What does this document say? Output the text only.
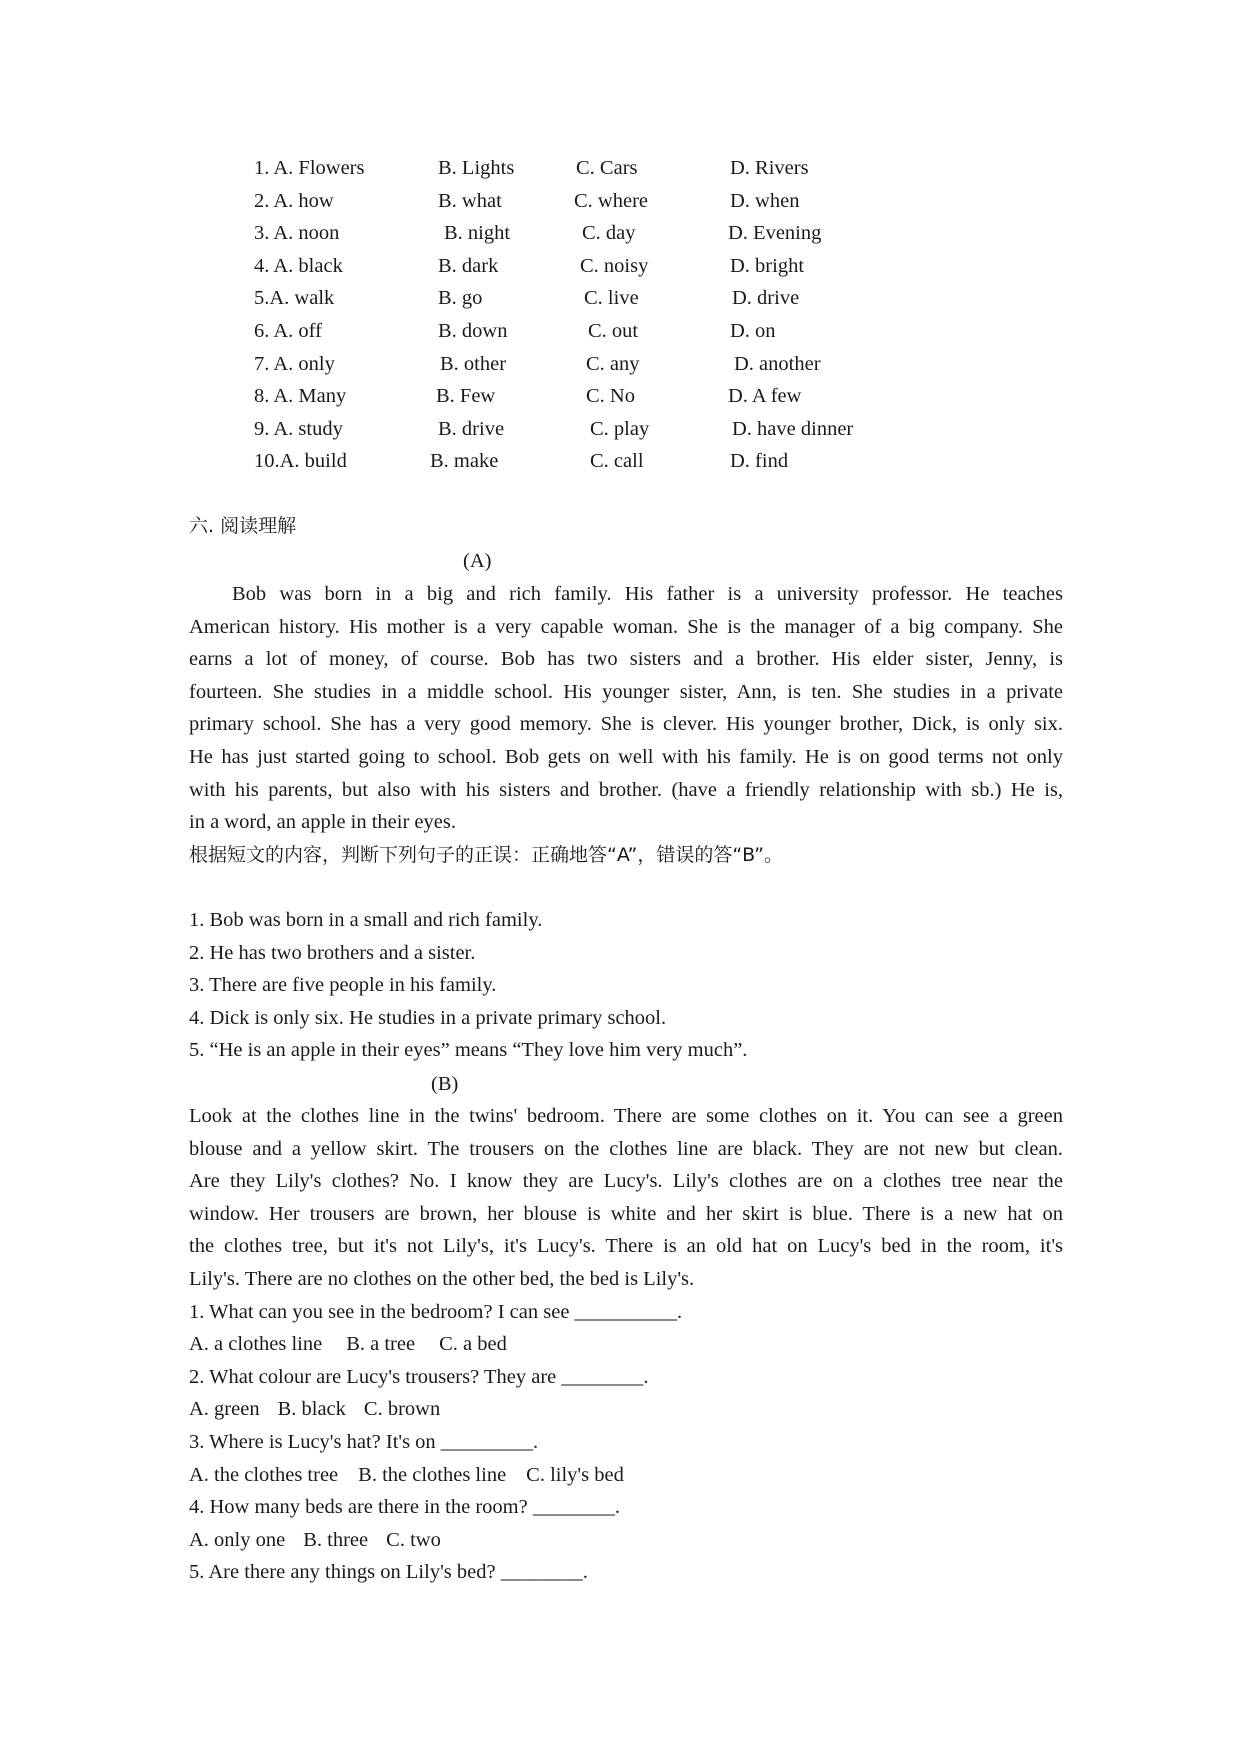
1. A. Flowers	B. Lights	C. Cars	D. Rivers
2. A. how	B. what	C. where	D. when
3. A. noon	B. night	C. day	D. Evening
4. A. black	B. dark	C. noisy	D. bright
5.A. walk	B. go	C. live	D. drive
6. A. off	B. down	C. out	D. on
7. A. only	B. other	C. any	D. another
8. A. Many	B. Few	C. No	D. A few
9. A. study	B. drive	C. play	D. have dinner
10.A. build	B. make	C. call	D. find
六. 阅读理解
(A)
Bob was born in a big and rich family. His father is a university professor. He teaches
American history. His mother is a very capable woman. She is the manager of a big company. She
earns a lot of money, of course. Bob has two sisters and a brother. His elder sister, Jenny, is
fourteen. She studies in a middle school. His younger sister, Ann, is ten. She studies in a private
primary school. She has a very good memory. She is clever. His younger brother, Dick, is only six.
He has just started going to school. Bob gets on well with his family. He is on good terms not only
with his parents, but also with his sisters and brother. (have a friendly relationship with sb.) He is,
in a word, an apple in their eyes.
根据短文的内容，判断下列句子的正误：正确地答“A”，错误的答“B”。
1. Bob was born in a small and rich family.
2. He has two brothers and a sister.
3. There are five people in his family.
4. Dick is only six. He studies in a private primary school.
5. “He is an apple in their eyes” means “They love him very much”.
(B)
Look at the clothes line in the twins' bedroom. There are some clothes on it. You can see a green
blouse and a yellow skirt. The trousers on the clothes line are black. They are not new but clean.
Are they Lily's clothes? No. I know they are Lucy's. Lily's clothes are on a clothes tree near the
window. Her trousers are brown, her blouse is white and her skirt is blue. There is a new hat on
the clothes tree, but it's not Lily's, it's Lucy's. There is an old hat on Lucy's bed in the room, it's
Lily's. There are no clothes on the other bed, the bed is Lily's.
1. What can you see in the bedroom? I can see __________.
A. a clothes line B. a tree C. a bed
2. What colour are Lucy's trousers? They are ________.
A. green B. black C. brown
3. Where is Lucy's hat? It's on _________.
A. the clothes tree B. the clothes line C. lily's bed
4. How many beds are there in the room? ________.
A. only one B. three C. two
5. Are there any things on Lily's bed? ________.
